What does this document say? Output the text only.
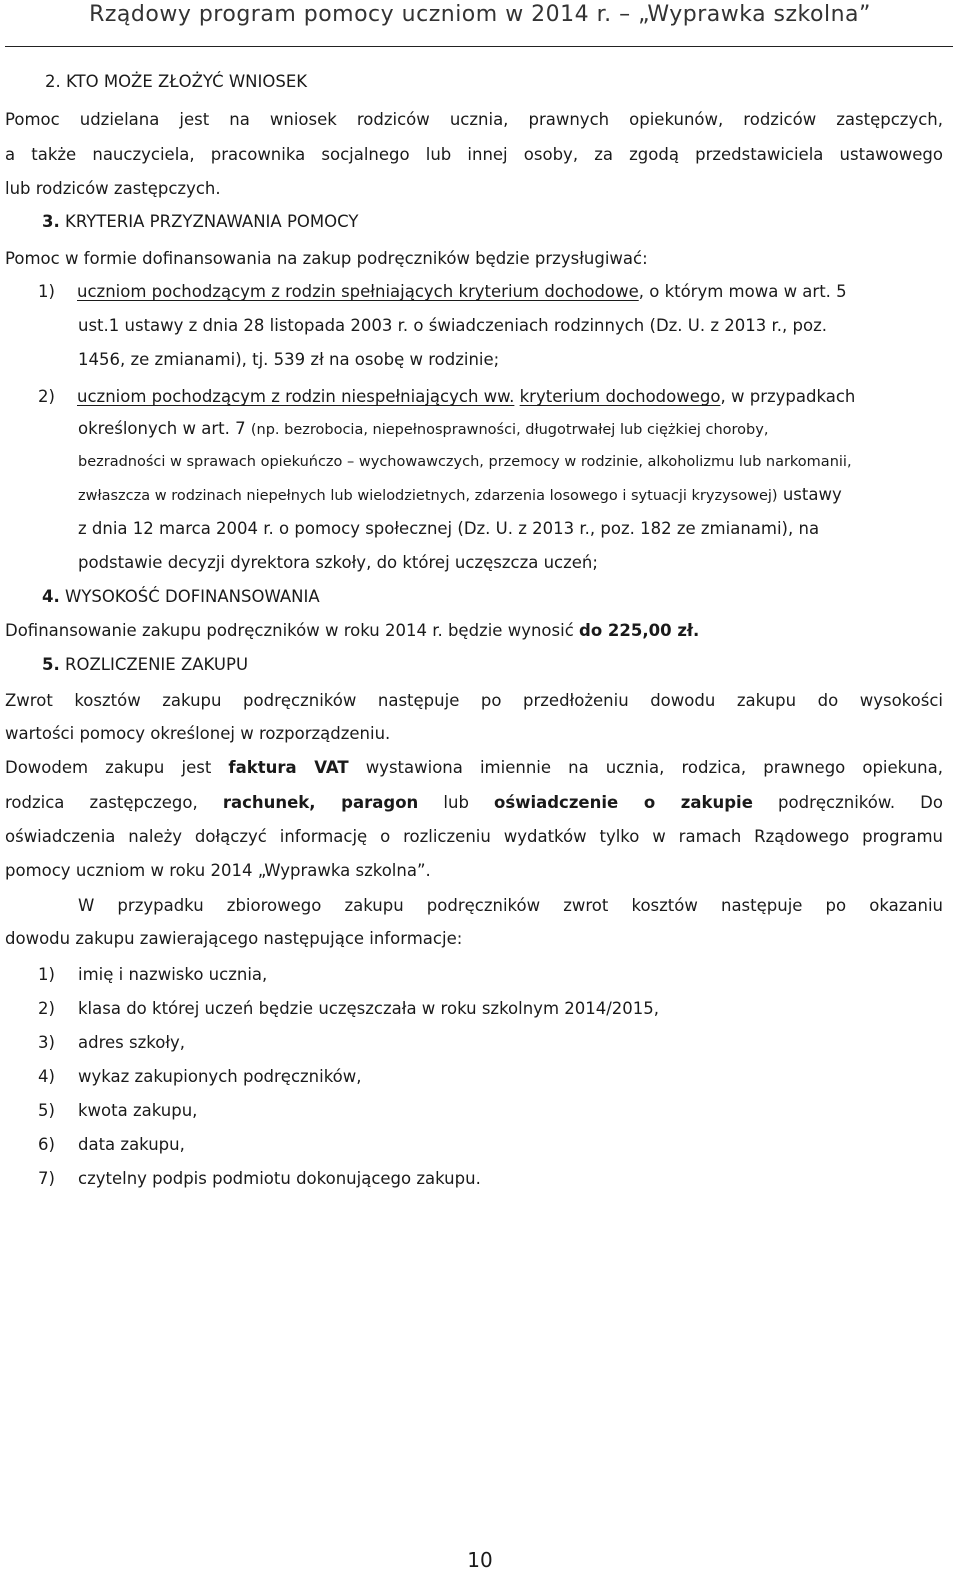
Rządowy program pomocy uczniom w 2014 r. – „Wyprawka szkolna”
2. KTO MOŻE ZŁOŻYĆ WNIOSEK
Pomoc udzielana jest na wniosek rodziców ucznia, prawnych opiekunów, rodziców zastępczych,
a także nauczyciela, pracownika socjalnego lub innej osoby, za zgodą przedstawiciela ustawowego
lub rodziców zastępczych.
3. KRYTERIA PRZYZNAWANIA POMOCY
Pomoc w formie dofinansowania na zakup podręczników będzie przysługiwać:
1)	uczniom pochodzącym z rodzin spełniających kryterium dochodowe, o którym mowa w art. 5
ust.1 ustawy z dnia 28 listopada 2003 r. o świadczeniach rodzinnych (Dz. U. z 2013 r., poz.
1456, ze zmianami), tj. 539 zł na osobę w rodzinie;
2)	uczniom pochodzącym z rodzin niespełniających ww. kryterium dochodowego, w przypadkach
określonych w art. 7 (np. bezrobocia, niepełnosprawności, długotrwałej lub ciężkiej choroby,
bezradności w sprawach opiekuńczo – wychowawczych, przemocy w rodzinie, alkoholizmu lub narkomanii,
zwłaszcza w rodzinach niepełnych lub wielodzietnych, zdarzenia losowego i sytuacji kryzysowej) ustawy
z dnia 12 marca 2004 r. o pomocy społecznej (Dz. U. z 2013 r., poz. 182 ze zmianami), na
podstawie decyzji dyrektora szkoły, do której uczęszcza uczeń;
4. WYSOKOŚĆ DOFINANSOWANIA
Dofinansowanie zakupu podręczników w roku 2014 r. będzie wynosić do 225,00 zł.
5. ROZLICZENIE ZAKUPU
Zwrot kosztów zakupu podręczników następuje po przedłożeniu dowodu zakupu do wysokości
wartości pomocy określonej w rozporządzeniu.
Dowodem zakupu jest faktura VAT wystawiona imiennie na ucznia, rodzica, prawnego opiekuna,
rodzica zastępczego, rachunek, paragon lub oświadczenie o zakupie podręczników. Do
oświadczenia należy dołączyć informację o rozliczeniu wydatków tylko w ramach Rządowego programu
pomocy uczniom w roku 2014 „Wyprawka szkolna”.
W przypadku zbiorowego zakupu podręczników zwrot kosztów następuje po okazaniu
dowodu zakupu zawierającego następujące informacje:
1)	imię i nazwisko ucznia,
2)	klasa do której uczeń będzie uczęszczała w roku szkolnym 2014/2015,
3)	adres szkoły,
4)	wykaz zakupionych podręczników,
5)	kwota zakupu,
6)	data zakupu,
7)	czytelny podpis podmiotu dokonującego zakupu.
10
